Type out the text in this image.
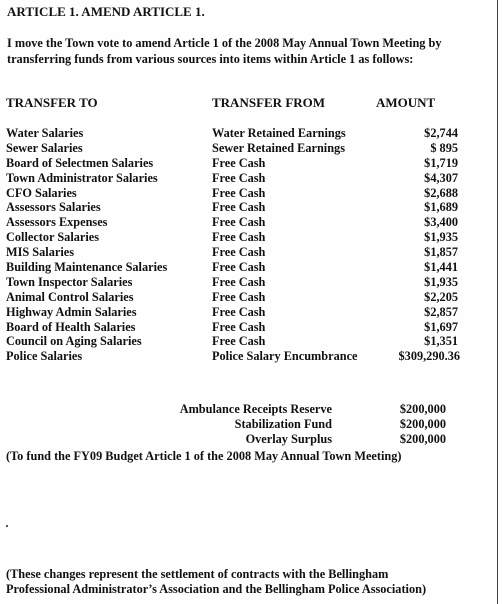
ARTICLE 1. AMEND ARTICLE 1.
I move the Town vote to amend Article 1 of the 2008 May Annual Town Meeting by transferring funds from various sources into items within Article 1 as follows:
TRANSFER TO	TRANSFER FROM	AMOUNT
Water Salaries	Water Retained Earnings	$2,744
Sewer Salaries	Sewer Retained Earnings	$ 895
Board of Selectmen Salaries	Free Cash	$1,719
Town Administrator Salaries	Free Cash	$4,307
CFO Salaries	Free Cash	$2,688
Assessors Salaries	Free Cash	$1,689
Assessors Expenses	Free Cash	$3,400
Collector Salaries	Free Cash	$1,935
MIS Salaries	Free Cash	$1,857
Building Maintenance Salaries	Free Cash	$1,441
Town Inspector Salaries	Free Cash	$1,935
Animal Control Salaries	Free Cash	$2,205
Highway Admin Salaries	Free Cash	$2,857
Board of Health Salaries	Free Cash	$1,697
Council on Aging Salaries	Free Cash	$1,351
Police Salaries	Police Salary Encumbrance	$309,290.36
Ambulance Receipts Reserve	$200,000
Stabilization Fund	$200,000
Overlay Surplus	$200,000
(To fund the FY09 Budget Article 1 of the 2008 May Annual Town Meeting)
(These changes represent the settlement of contracts with the Bellingham
Professional Administrator’s Association and the Bellingham Police Association)
